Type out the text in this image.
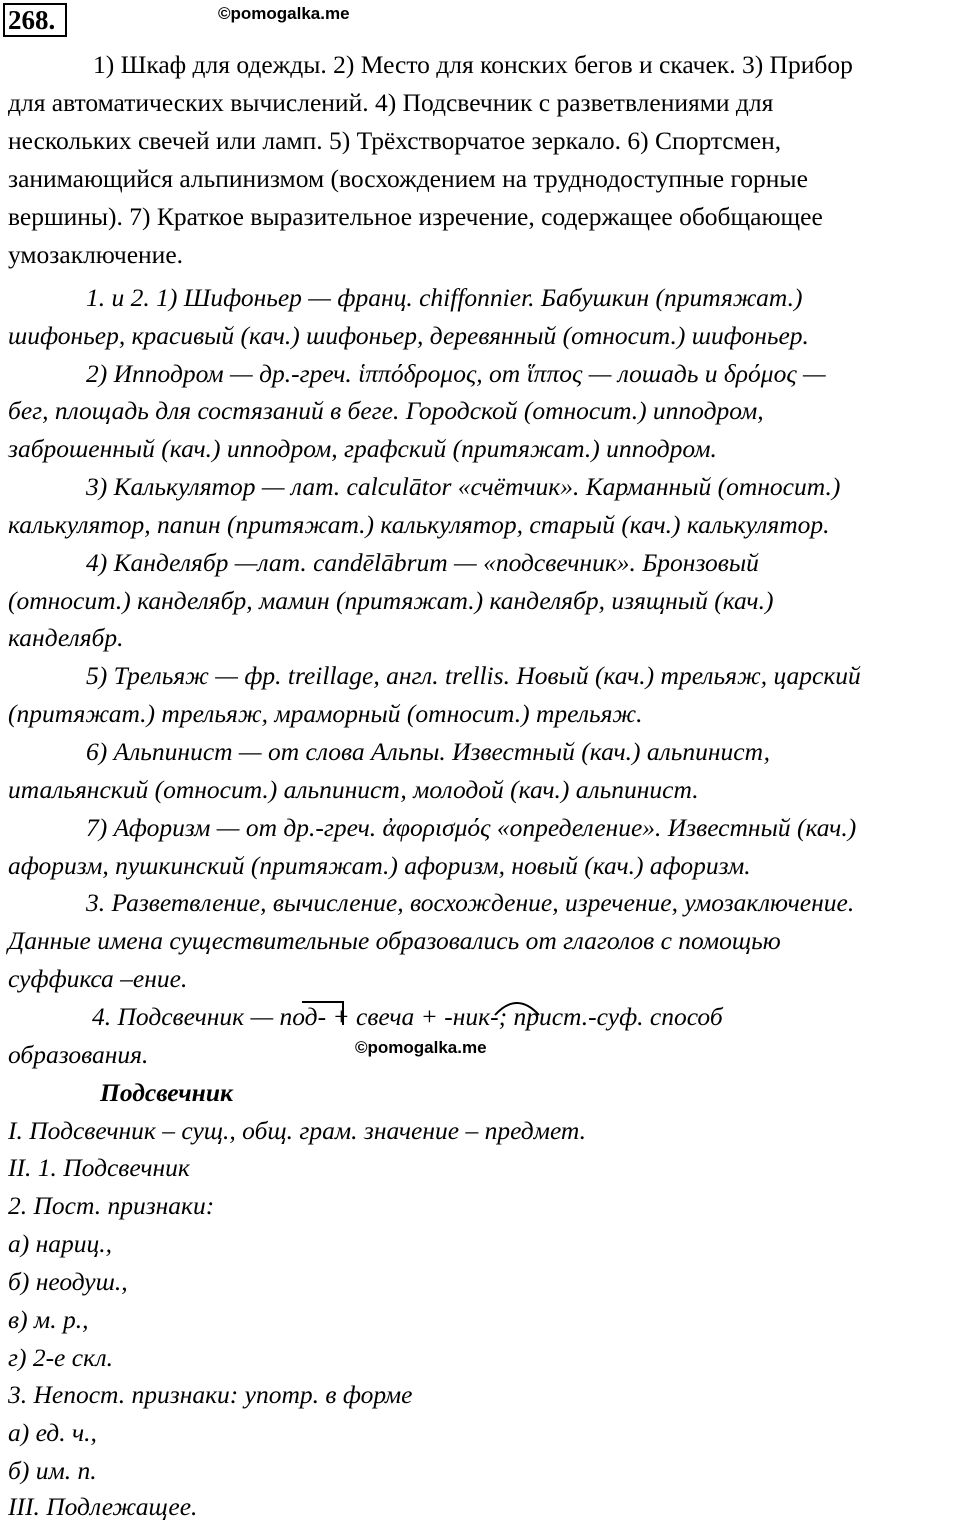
268.	©pomogalka.me
1) Шкаф для одежды. 2) Место для конских бегов и скачек. 3) Прибор
для автоматических вычислений. 4) Подсвечник с разветвлениями для
нескольких свечей или ламп. 5) Трёхстворчатое зеркало. 6) Спортсмен,
занимающийся альпинизмом (восхождением на труднодоступные горные
вершины). 7) Краткое выразительное изречение, содержащее обобщающее
умозаключение.
1. и 2. 1) Шифоньер — франц. chiffonnier. Бабушкин (притяжат.)
шифоньер, красивый (кач.) шифоньер, деревянный (относит.) шифоньер.
2) Ипподром — др.-греч. ἱππόδρομος, от ἵππος — лошадь и δρόμος —
бег, площадь для состязаний в беге. Городской (относит.) ипподром,
заброшенный (кач.) ипподром, графский (притяжат.) ипподром.
3) Калькулятор — лат. calculātor «счётчик». Карманный (относит.)
калькулятор, папин (притяжат.) калькулятор, старый (кач.) калькулятор.
4) Канделябр —лат. candēlābrum — «подсвечник». Бронзовый
(относит.) канделябр, мамин (притяжат.) канделябр, изящный (кач.)
канделябр.
5) Трельяж — фр. treillage, англ. trellis. Новый (кач.) трельяж, царский
(притяжат.) трельяж, мраморный (относит.) трельяж.
6) Альпинист — от слова Альпы. Известный (кач.) альпинист,
итальянский (относит.) альпинист, молодой (кач.) альпинист.
7) Афоризм — от др.-греч. ἀφορισμός «определение». Известный (кач.)
афоризм, пушкинский (притяжат.) афоризм, новый (кач.) афоризм.
3. Разветвление, вычисление, восхождение, изречение, умозаключение.
Данные имена существительные образовались от глаголов с помощью
суффикса –ение.
4. Подсвечник — под- + свеча + -ник-; прист.-суф. способ
образования.	©pomogalka.me
Подсвечник
I. Подсвечник – сущ., общ. грам. значение – предмет.
II. 1. Подсвечник
2. Пост. признаки:
а) нариц.,
б) неодуш.,
в) м. р.,
г) 2-е скл.
3. Непост. признаки: употр. в форме
а) ед. ч.,
б) им. п.
III. Подлежащее.
